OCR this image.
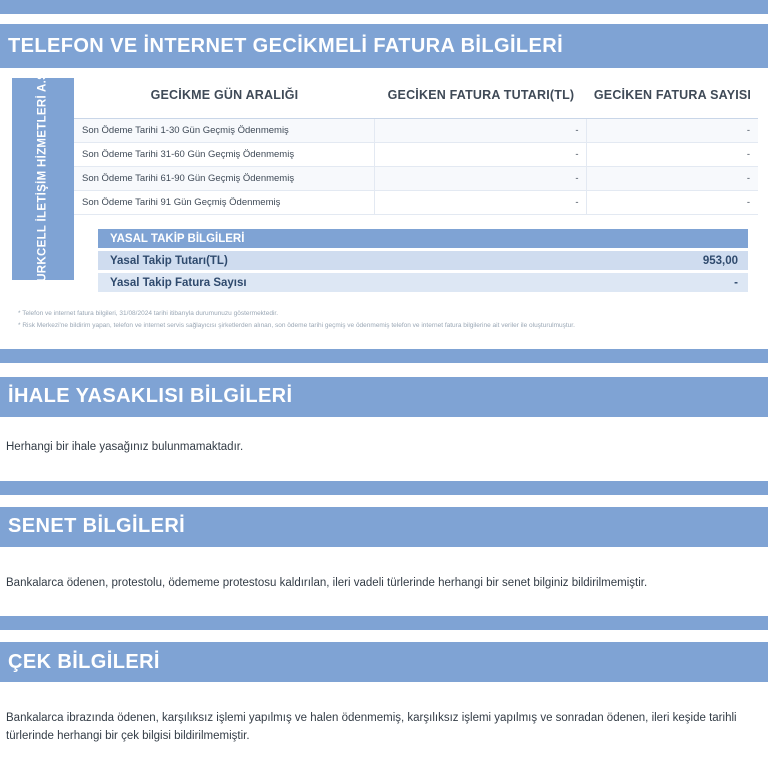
TELEFON VE İNTERNET GECİKMELİ FATURA BİLGİLERİ
TURKCELL İLETİŞİM HİZMETLERİ A.Ş.	GECİKME GÜN ARALIĞI	GECİKEN FATURA TUTARI(TL)	GECİKEN FATURA SAYISI
Son Ödeme Tarihi 1-30 Gün Geçmiş Ödenmemiş	-	-
Son Ödeme Tarihi 31-60 Gün Geçmiş Ödenmemiş	-	-
Son Ödeme Tarihi 61-90 Gün Geçmiş Ödenmemiş	-	-
Son Ödeme Tarihi 91 Gün Geçmiş Ödenmemiş	-	-
YASAL TAKİP BİLGİLERİ
Yasal Takip Tutarı(TL)	953,00
Yasal Takip Fatura Sayısı	-
* Telefon ve internet fatura bilgileri, 31/08/2024 tarihi itibarıyla durumunuzu göstermektedir.
* Risk Merkezi'ne bildirim yapan, telefon ve internet servis sağlayıcısı şirketlerden alınan, son ödeme tarihi geçmiş ve ödenmemiş telefon ve internet fatura bilgilerine ait veriler ile oluşturulmuştur.
İHALE YASAKLISI BİLGİLERİ
Herhangi bir ihale yasağınız bulunmamaktadır.
SENET BİLGİLERİ
Bankalarca ödenen, protestolu, ödememe protestosu kaldırılan, ileri vadeli türlerinde herhangi bir senet bilginiz bildirilmemiştir.
ÇEK BİLGİLERİ
Bankalarca ibrazında ödenen, karşılıksız işlemi yapılmış ve halen ödenmemiş, karşılıksız işlemi yapılmış ve sonradan ödenen, ileri keşide tarihli türlerinde herhangi bir çek bilgisi bildirilmemiştir.
